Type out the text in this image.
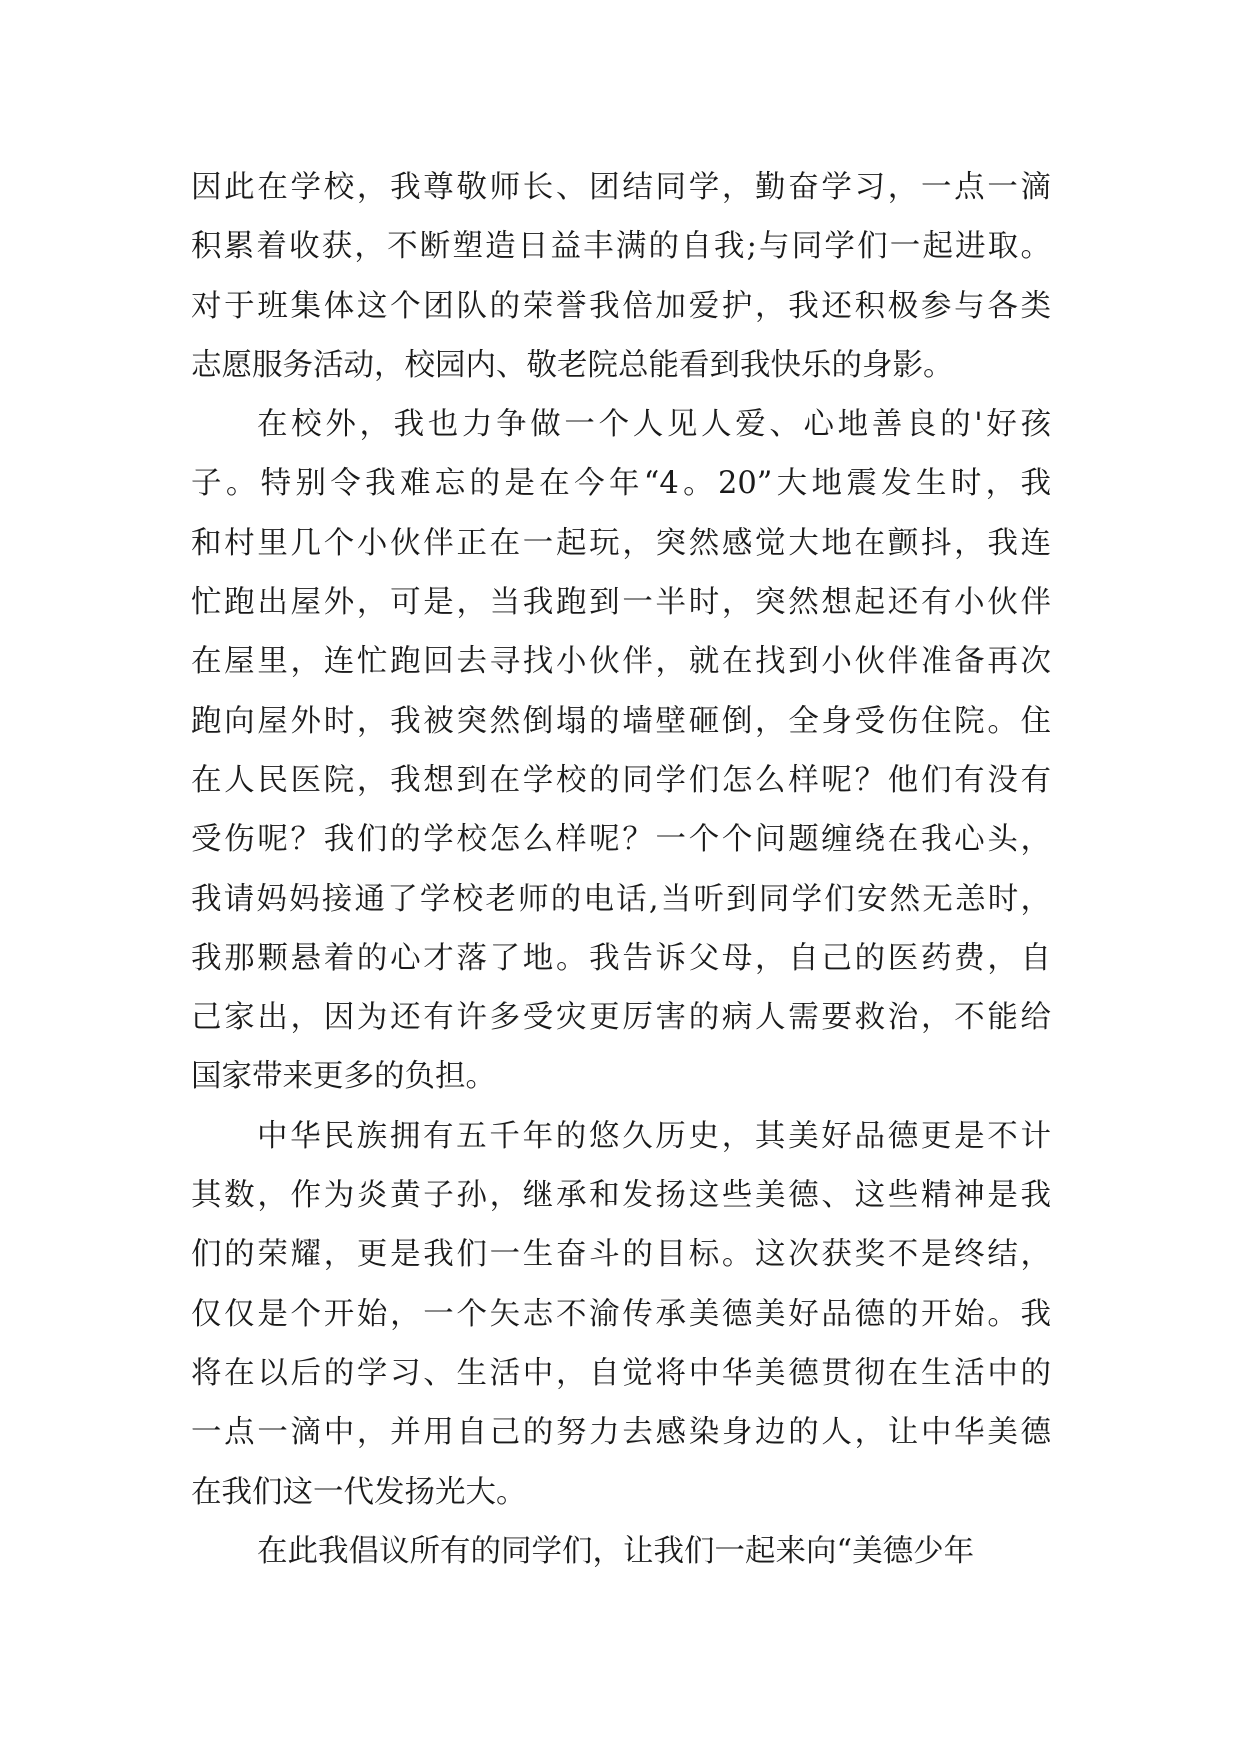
因此在学校，我尊敬师长、团结同学，勤奋学习，一点一滴
积累着收获，不断塑造日益丰满的自我;与同学们一起进取。
对于班集体这个团队的荣誉我倍加爱护，我还积极参与各类
志愿服务活动，校园内、敬老院总能看到我快乐的身影。
在校外，我也力争做一个人见人爱、心地善良的'好孩
子。特别令我难忘的是在今年“4。20”大地震发生时，我
和村里几个小伙伴正在一起玩，突然感觉大地在颤抖，我连
忙跑出屋外，可是，当我跑到一半时，突然想起还有小伙伴
在屋里，连忙跑回去寻找小伙伴，就在找到小伙伴准备再次
跑向屋外时，我被突然倒塌的墙壁砸倒，全身受伤住院。住
在人民医院，我想到在学校的同学们怎么样呢？他们有没有
受伤呢？我们的学校怎么样呢？一个个问题缠绕在我心头，
我请妈妈接通了学校老师的电话,当听到同学们安然无恙时，
我那颗悬着的心才落了地。我告诉父母，自己的医药费，自
己家出，因为还有许多受灾更厉害的病人需要救治，不能给
国家带来更多的负担。
中华民族拥有五千年的悠久历史，其美好品德更是不计
其数，作为炎黄子孙，继承和发扬这些美德、这些精神是我
们的荣耀，更是我们一生奋斗的目标。这次获奖不是终结，
仅仅是个开始，一个矢志不渝传承美德美好品德的开始。我
将在以后的学习、生活中，自觉将中华美德贯彻在生活中的
一点一滴中，并用自己的努力去感染身边的人，让中华美德
在我们这一代发扬光大。
在此我倡议所有的同学们，让我们一起来向“美德少年
